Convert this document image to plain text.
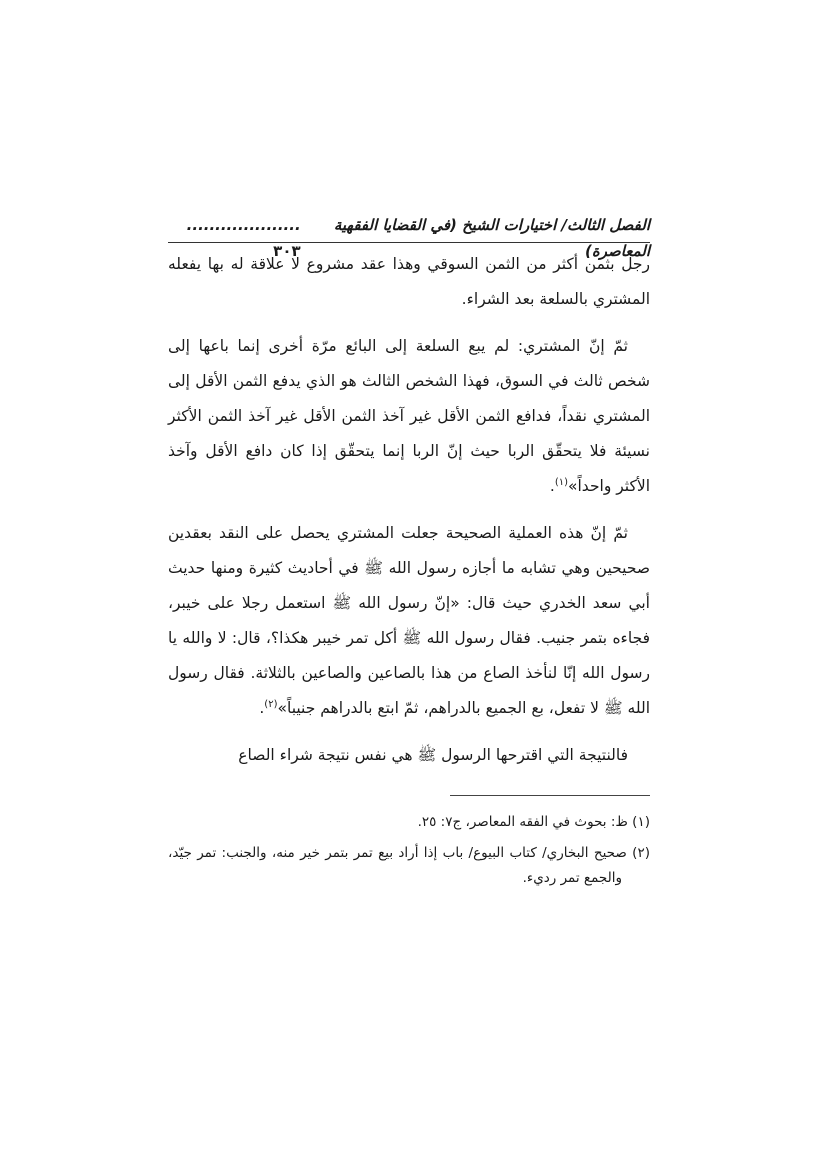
الفصل الثالث/ اختيارات الشيخ (في القضايا الفقهية المعاصرة)
.................... ٣٠٣

رجل بثمن أكثر من الثمن السوقي وهذا عقد مشروع لا علاقة له بها يفعله المشتري بالسلعة بعد الشراء.

ثمّ إنّ المشتري: لم يبع السلعة إلى البائع مرّة أخرى إنما باعها إلى شخص ثالث في السوق، فهذا الشخص الثالث هو الذي يدفع الثمن الأقل إلى المشتري نقداً، فدافع الثمن الأقل غير آخذ الثمن الأقل غير آخذ الثمن الأكثر نسيئة فلا يتحقّق الربا حيث إنّ الربا إنما يتحقّق إذا كان دافع الأقل وآخذ الأكثر واحداً»$^{(١)}$.

ثمّ إنّ هذه العملية الصحيحة جعلت المشتري يحصل على النقد بعقدين صحيحين وهي تشابه ما أجازه رسول الله ﷺ في أحاديث كثيرة ومنها حديث أبي سعد الخدري حيث قال: «إنّ رسول الله ﷺ استعمل رجلا على خيبر، فجاءه بتمر جنيب. فقال رسول الله ﷺ أكل تمر خيبر هكذا؟، قال: لا والله يا رسول الله إنّا لنأخذ الصاع من هذا بالصاعين والصاعين بالثلاثة. فقال رسول الله ﷺ لا تفعل، بع الجميع بالدراهم، ثمّ ابتع بالدراهم جنيباً»$^{(٢)}$.

فالنتيجة التي اقترحها الرسول ﷺ هي نفس نتيجة شراء الصاع

(١) ظ: بحوث في الفقه المعاصر، ج٧: ٢٥.

(٢) صحيح البخاري/ كتاب البيوع/ باب إذا أراد بيع تمر بتمر خير منه، والجنب: تمر جيّد، والجمع تمر رديء.
